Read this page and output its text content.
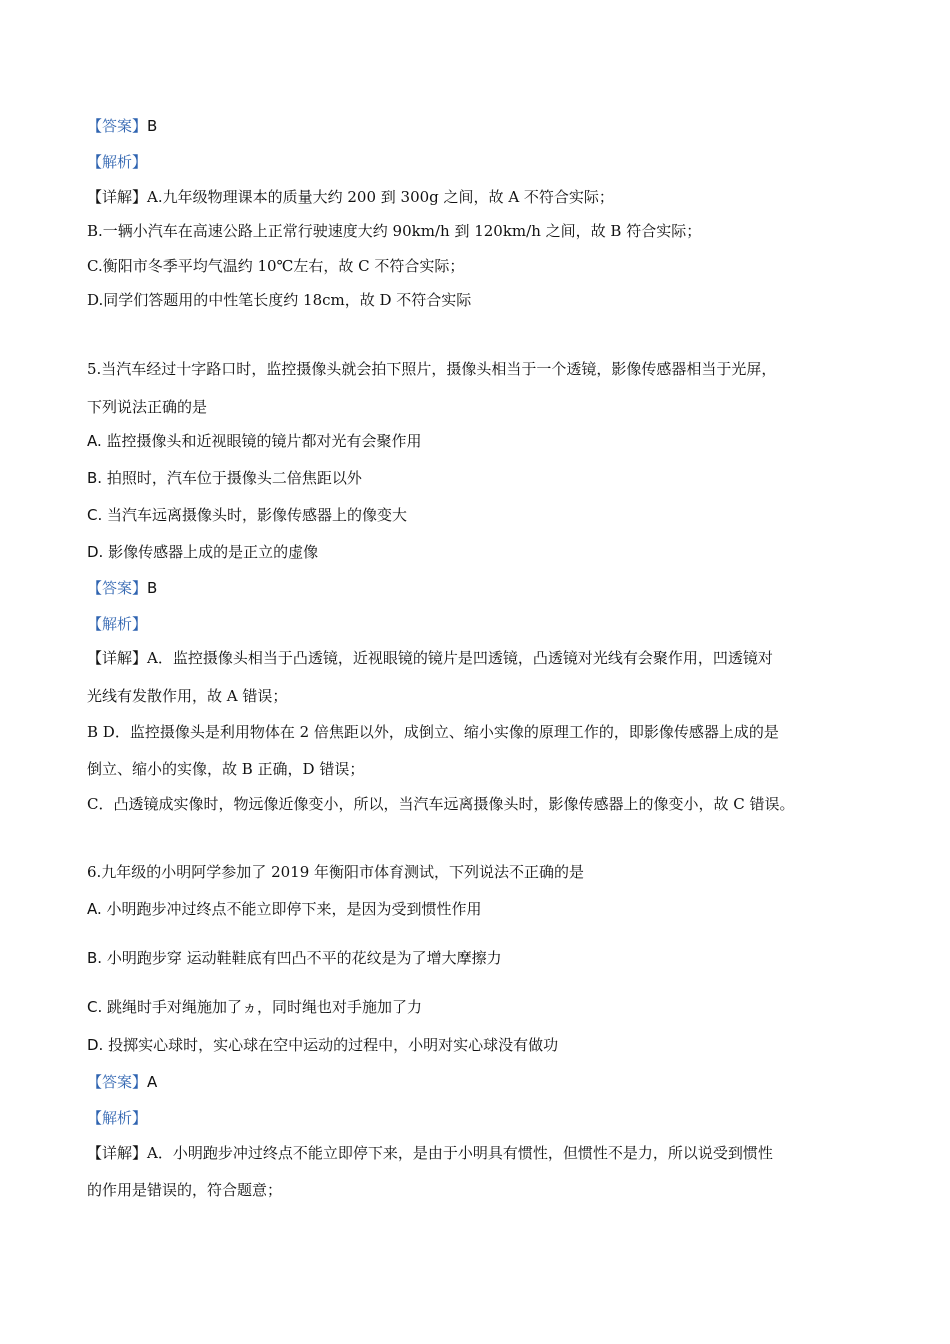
【答案】B
【解析】
【详解】A.九年级物理课本的质量大约 200 到 300g 之间，故 A 不符合实际；
B.一辆小汽车在高速公路上正常行驶速度大约 90km/h 到 120km/h 之间，故 B 符合实际；
C.衡阳市冬季平均气温约 10℃左右，故 C 不符合实际；
D.同学们答题用的中性笔长度约 18cm，故 D 不符合实际
5.当汽车经过十字路口时，监控摄像头就会拍下照片，摄像头相当于一个透镜，影像传感器相当于光屏，
下列说法正确的是
A. 监控摄像头和近视眼镜的镜片都对光有会聚作用
B. 拍照时，汽车位于摄像头二倍焦距以外
C. 当汽车远离摄像头时，影像传感器上的像变大
D. 影像传感器上成的是正立的虚像
【答案】B
【解析】
【详解】A．监控摄像头相当于凸透镜，近视眼镜的镜片是凹透镜，凸透镜对光线有会聚作用，凹透镜对
光线有发散作用，故 A 错误；
B D．监控摄像头是利用物体在 2 倍焦距以外，成倒立、缩小实像的原理工作的，即影像传感器上成的是
倒立、缩小的实像，故 B 正确，D 错误；
C．凸透镜成实像时，物远像近像变小，所以，当汽车远离摄像头时，影像传感器上的像变小，故 C 错误。
6.九年级的小明阿学参加了 2019 年衡阳市体育测试，下列说法不正确的是
A. 小明跑步冲过终点不能立即停下来，是因为受到惯性作用
B. 小明跑步穿 运动鞋鞋底有凹凸不平的花纹是为了增大摩擦力
C. 跳绳时手对绳施加了ヵ，同时绳也对手施加了力
D. 投掷实心球时，实心球在空中运动的过程中，小明对实心球没有做功
【答案】A
【解析】
【详解】A．小明跑步冲过终点不能立即停下来，是由于小明具有惯性，但惯性不是力，所以说受到惯性
的作用是错误的，符合题意；
